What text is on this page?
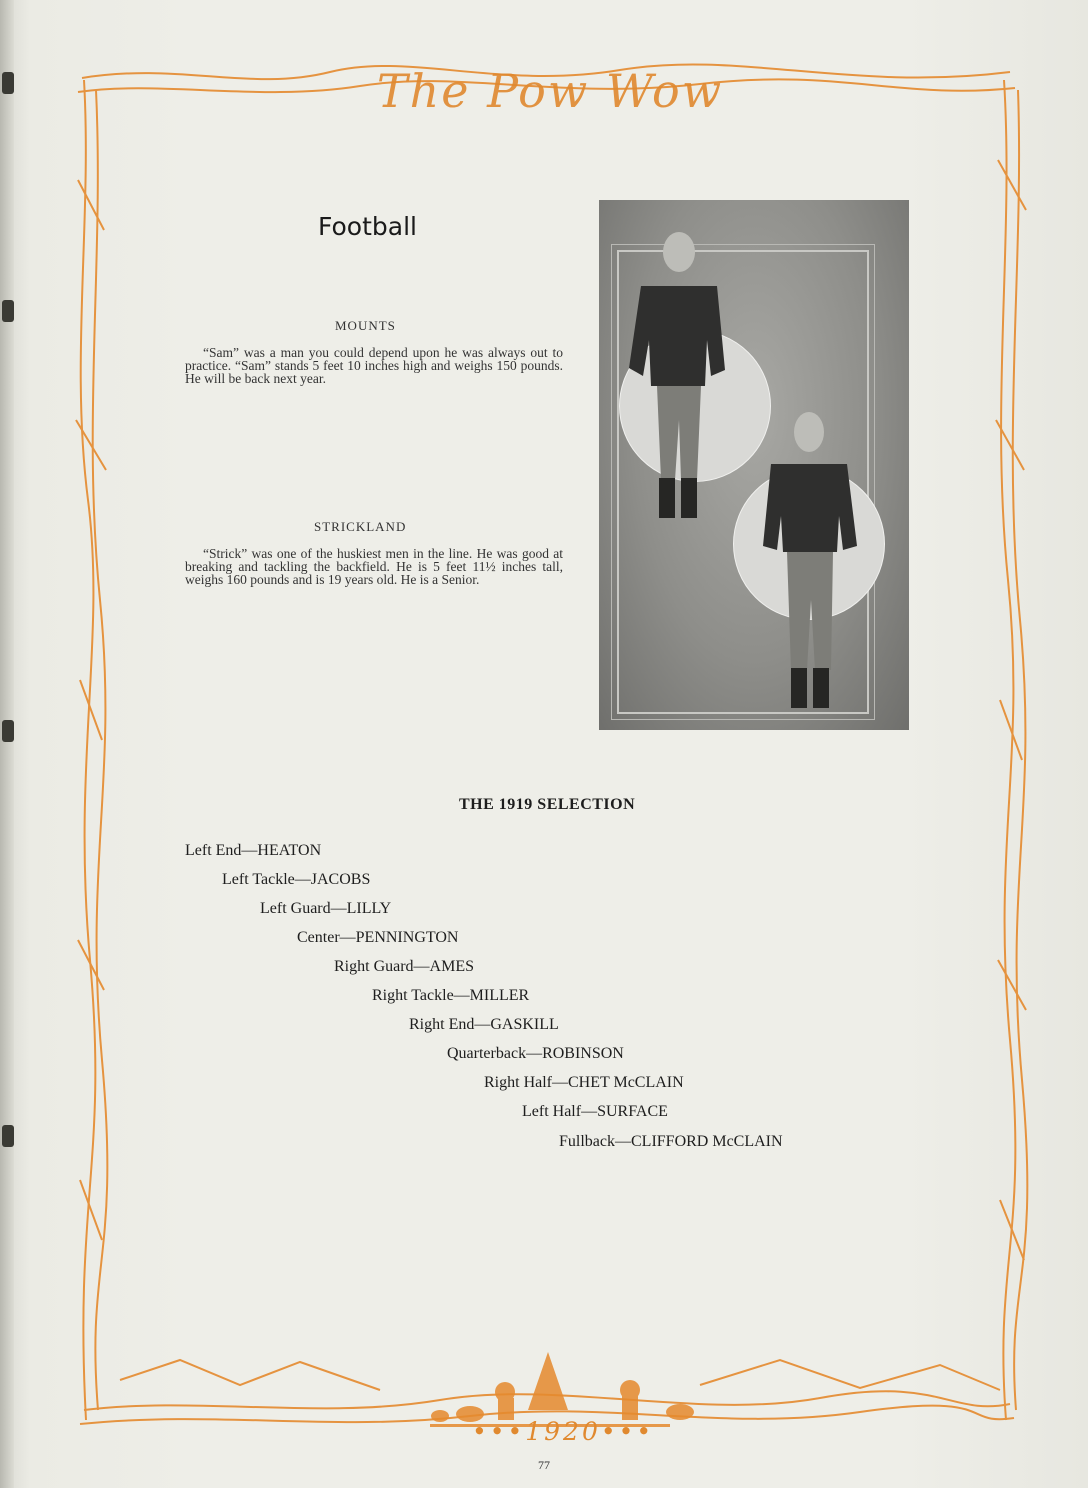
The Pow Wow
Football
MOUNTS
“Sam” was a man you could depend upon he was always out to practice. “Sam” stands 5 feet 10 inches high and weighs 150 pounds. He will be back next year.
STRICKLAND
“Strick” was one of the huskiest men in the line. He was good at breaking and tackling the backfield. He is 5 feet 11½ inches tall, weighs 160 pounds and is 19 years old. He is a Senior.
THE 1919 SELECTION
Left End—HEATON
Left Tackle—JACOBS
Left Guard—LILLY
Center—PENNINGTON
Right Guard—AMES
Right Tackle—MILLER
Right End—GASKILL
Quarterback—ROBINSON
Right Half—CHET McCLAIN
Left Half—SURFACE
Fullback—CLIFFORD McCLAIN
•••1920•••
77
